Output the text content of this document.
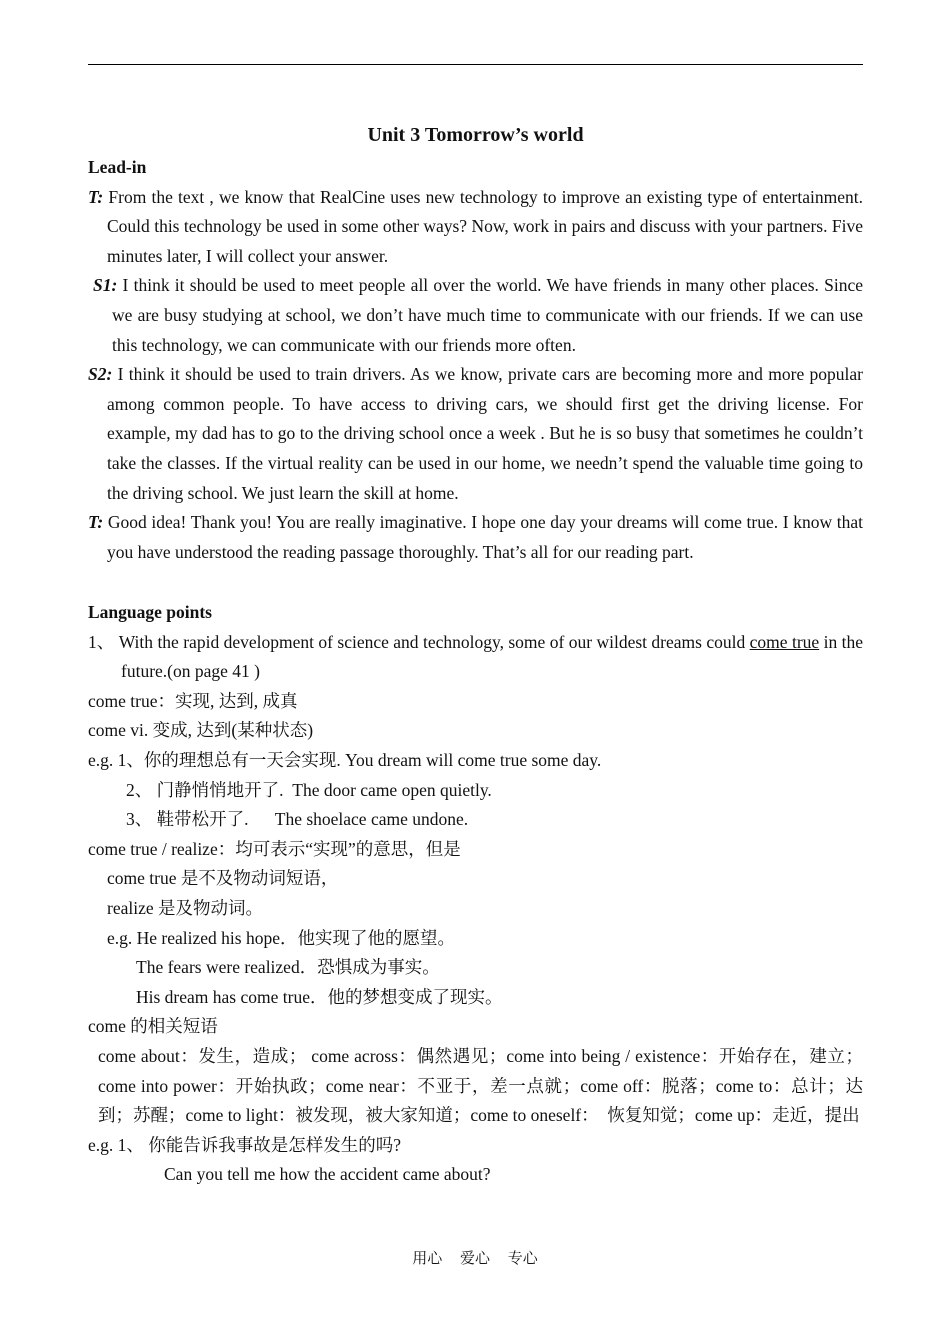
Unit 3 Tomorrow’s world
Lead-in
T: From the text , we know that RealCine uses new technology to improve an existing type of entertainment. Could this technology be used in some other ways? Now, work in pairs and discuss with your partners. Five minutes later, I will collect your answer.
S1: I think it should be used to meet people all over the world. We have friends in many other places. Since we are busy studying at school, we don’t have much time to communicate with our friends. If we can use this technology, we can communicate with our friends more often.
S2: I think it should be used to train drivers. As we know, private cars are becoming more and more popular among common people. To have access to driving cars, we should first get the driving license. For example, my dad has to go to the driving school once a week . But he is so busy that sometimes he couldn’t take the classes. If the virtual reality can be used in our home, we needn’t spend the valuable time going to the driving school. We just learn the skill at home.
T: Good idea! Thank you! You are really imaginative. I hope one day your dreams will come true. I know that you have understood the reading passage thoroughly. That’s all for our reading part.
Language points
1、 With the rapid development of science and technology, some of our wildest dreams could come true in the future.(on page 41 )
come true：实现, 达到, 成真
come vi. 变成, 达到(某种状态)
e.g. 1、你的理想总有一天会实现. You dream will come true some day.
2、 门静悄悄地开了.  The door came open quietly.
3、 鞋带松开了.      The shoelace came undone.
come true / realize：均可表示“实现”的意思，但是
come true 是不及物动词短语，
realize 是及物动词。
e.g. He realized his hope．他实现了他的愿望。
The fears were realized．恐惧成为事实。
His dream has come true．他的梦想变成了现实。
come 的相关短语
come about：发生，造成； come across：偶然遇见；come into being / existence：开始存在，建立；come into power：开始执政；come near：不亚于，差一点就；come off：脱落；come to：总计；达到；苏醒；come to light：被发现，被大家知道；come to oneself：  恢复知觉；come up：走近，提出
e.g. 1、 你能告诉我事故是怎样发生的吗?
Can you tell me how the accident came about?
用心 爱心 专心
